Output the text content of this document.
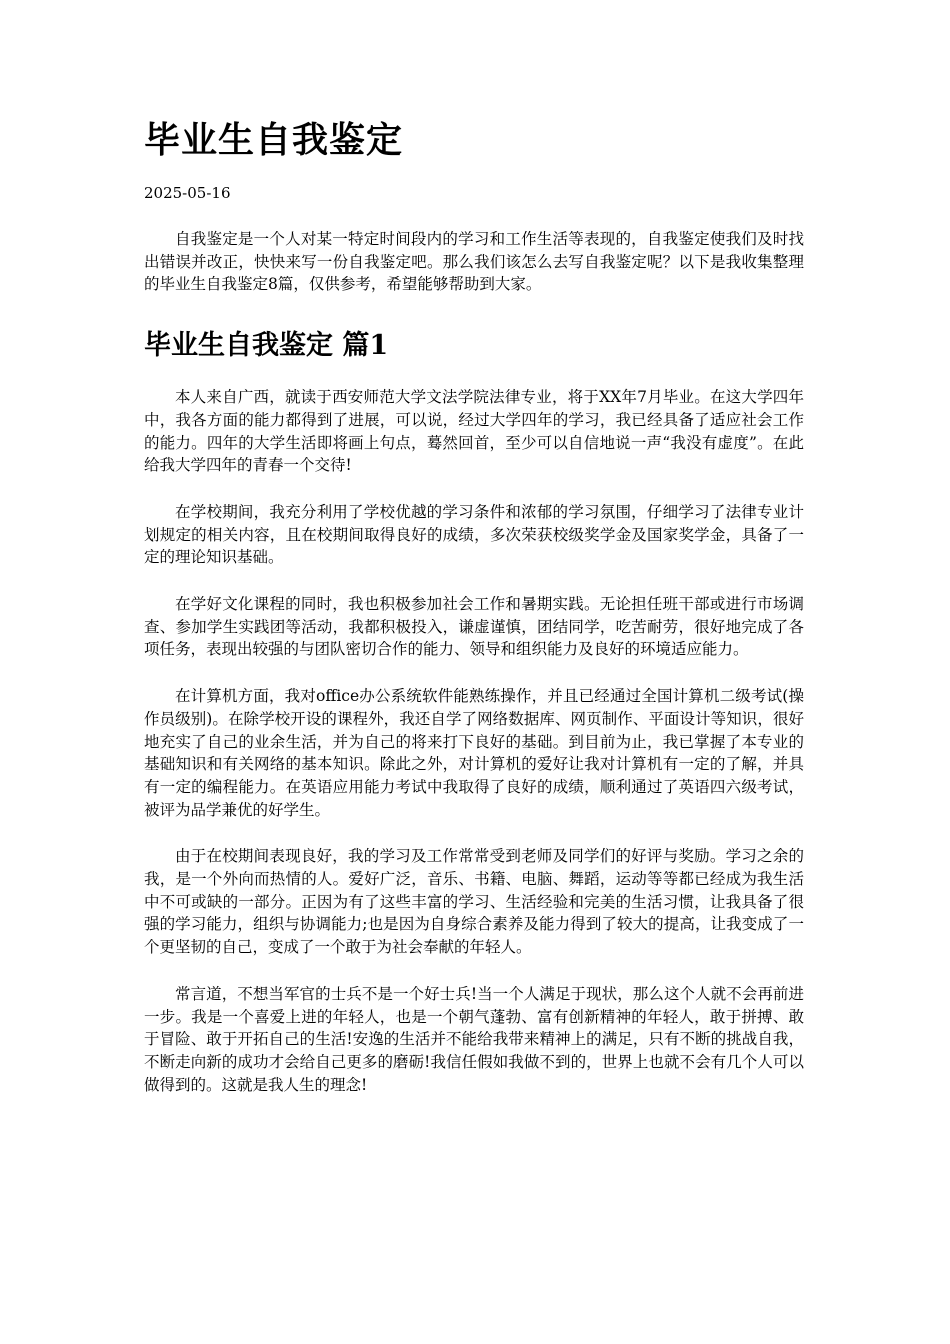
毕业生自我鉴定
2025-05-16

自我鉴定是一个人对某一特定时间段内的学习和工作生活等表现的，自我鉴定使我们及时找出错误并改正，快快来写一份自我鉴定吧。那么我们该怎么去写自我鉴定呢？以下是我收集整理的毕业生自我鉴定8篇，仅供参考，希望能够帮助到大家。

毕业生自我鉴定 篇1

本人来自广西，就读于西安师范大学文法学院法律专业，将于XX年7月毕业。在这大学四年中，我各方面的能力都得到了进展，可以说，经过大学四年的学习，我已经具备了适应社会工作的能力。四年的大学生活即将画上句点，蓦然回首，至少可以自信地说一声“我没有虚度”。在此给我大学四年的青春一个交待!

在学校期间，我充分利用了学校优越的学习条件和浓郁的学习氛围，仔细学习了法律专业计划规定的相关内容，且在校期间取得良好的成绩，多次荣获校级奖学金及国家奖学金，具备了一定的理论知识基础。

在学好文化课程的同时，我也积极参加社会工作和暑期实践。无论担任班干部或进行市场调查、参加学生实践团等活动，我都积极投入，谦虚谨慎，团结同学，吃苦耐劳，很好地完成了各项任务，表现出较强的与团队密切合作的能力、领导和组织能力及良好的环境适应能力。

在计算机方面，我对office办公系统软件能熟练操作，并且已经通过全国计算机二级考试(操作员级别)。在除学校开设的课程外，我还自学了网络数据库、网页制作、平面设计等知识，很好地充实了自己的业余生活，并为自己的将来打下良好的基础。到目前为止，我已掌握了本专业的基础知识和有关网络的基本知识。除此之外，对计算机的爱好让我对计算机有一定的了解，并具有一定的编程能力。在英语应用能力考试中我取得了良好的成绩，顺利通过了英语四六级考试，被评为品学兼优的好学生。

由于在校期间表现良好，我的学习及工作常常受到老师及同学们的好评与奖励。学习之余的我，是一个外向而热情的人。爱好广泛，音乐、书籍、电脑、舞蹈，运动等等都已经成为我生活中不可或缺的一部分。正因为有了这些丰富的学习、生活经验和完美的生活习惯，让我具备了很强的学习能力，组织与协调能力;也是因为自身综合素养及能力得到了较大的提高，让我变成了一个更坚韧的自己，变成了一个敢于为社会奉献的年轻人。

常言道，不想当军官的士兵不是一个好士兵!当一个人满足于现状，那么这个人就不会再前进一步。我是一个喜爱上进的年轻人，也是一个朝气蓬勃、富有创新精神的年轻人，敢于拼搏、敢于冒险、敢于开拓自己的生活!安逸的生活并不能给我带来精神上的满足，只有不断的挑战自我，不断走向新的成功才会给自己更多的磨砺!我信任假如我做不到的，世界上也就不会有几个人可以做得到的。这就是我人生的理念!
